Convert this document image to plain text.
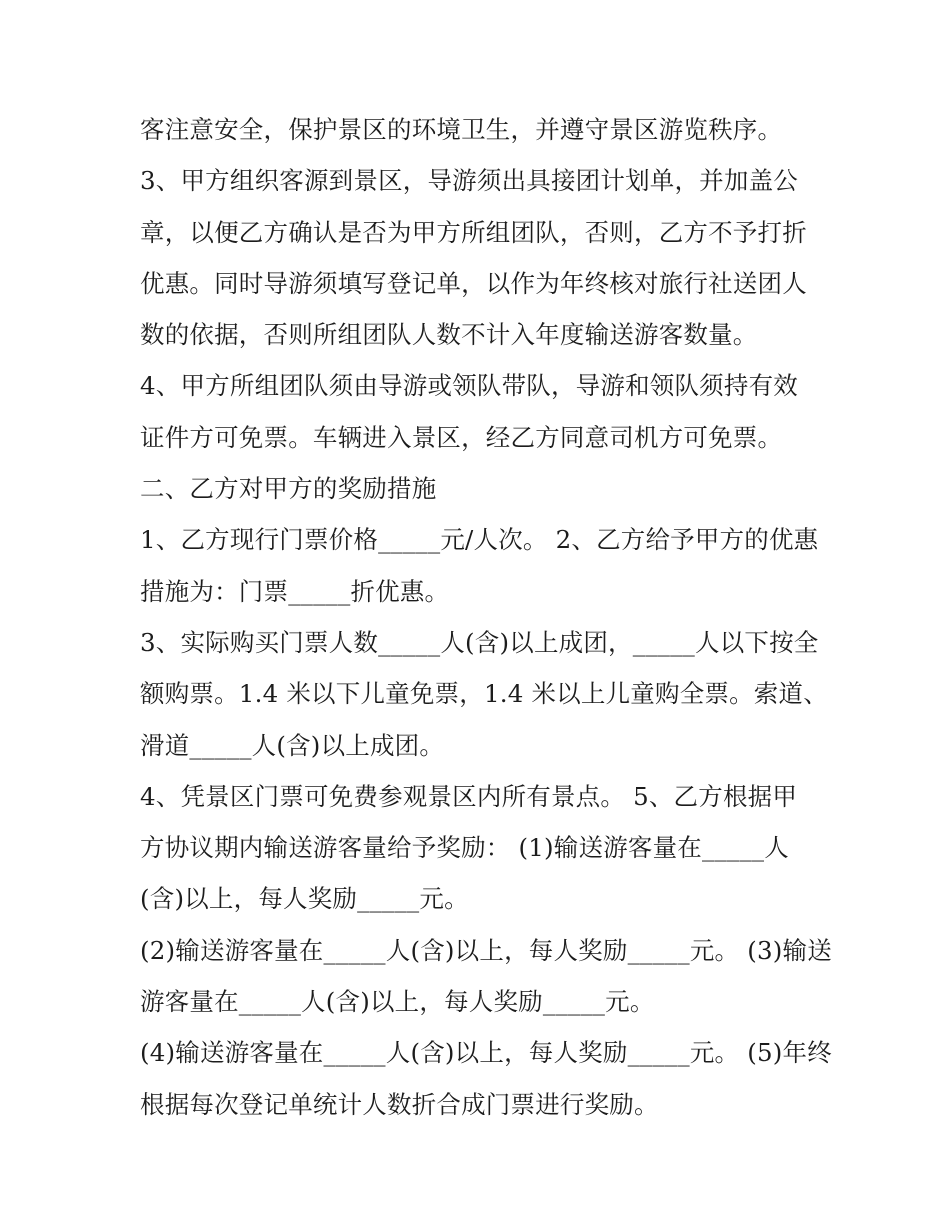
客注意安全，保护景区的环境卫生，并遵守景区游览秩序。
3、甲方组织客源到景区，导游须出具接团计划单，并加盖公
章，以便乙方确认是否为甲方所组团队，否则，乙方不予打折
优惠。同时导游须填写登记单，以作为年终核对旅行社送团人
数的依据，否则所组团队人数不计入年度输送游客数量。
4、甲方所组团队须由导游或领队带队，导游和领队须持有效
证件方可免票。车辆进入景区，经乙方同意司机方可免票。
二、乙方对甲方的奖励措施
1、乙方现行门票价格_____元/人次。 2、乙方给予甲方的优惠
措施为：门票_____折优惠。
3、实际购买门票人数_____人(含)以上成团，_____人以下按全
额购票。1.4 米以下儿童免票，1.4 米以上儿童购全票。索道、
滑道_____人(含)以上成团。
4、凭景区门票可免费参观景区内所有景点。 5、乙方根据甲
方协议期内输送游客量给予奖励： (1)输送游客量在_____人
(含)以上，每人奖励_____元。
(2)输送游客量在_____人(含)以上，每人奖励_____元。 (3)输送
游客量在_____人(含)以上，每人奖励_____元。
(4)输送游客量在_____人(含)以上，每人奖励_____元。 (5)年终
根据每次登记单统计人数折合成门票进行奖励。
